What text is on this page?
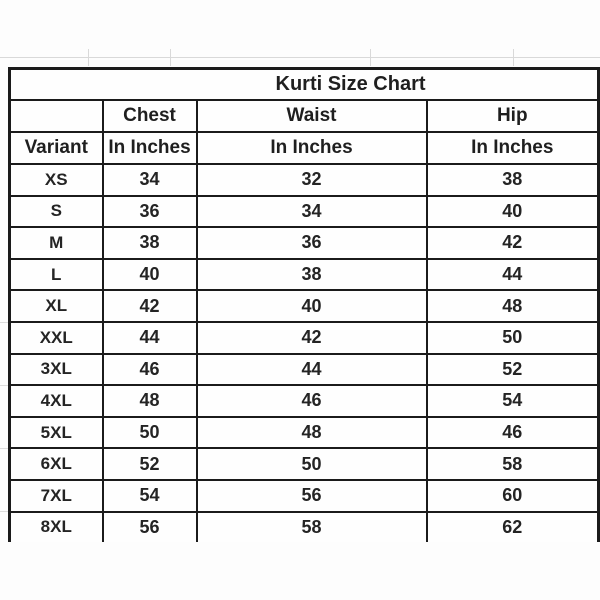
Kurti Size Chart			
	Chest	Waist	Hip
Variant	In Inches	In Inches	In Inches
XS	34	32	38
S	36	34	40
M	38	36	42
L	40	38	44
XL	42	40	48
XXL	44	42	50
3XL	46	44	52
4XL	48	46	54
5XL	50	48	46
6XL	52	50	58
7XL	54	56	60
8XL	56	58	62
